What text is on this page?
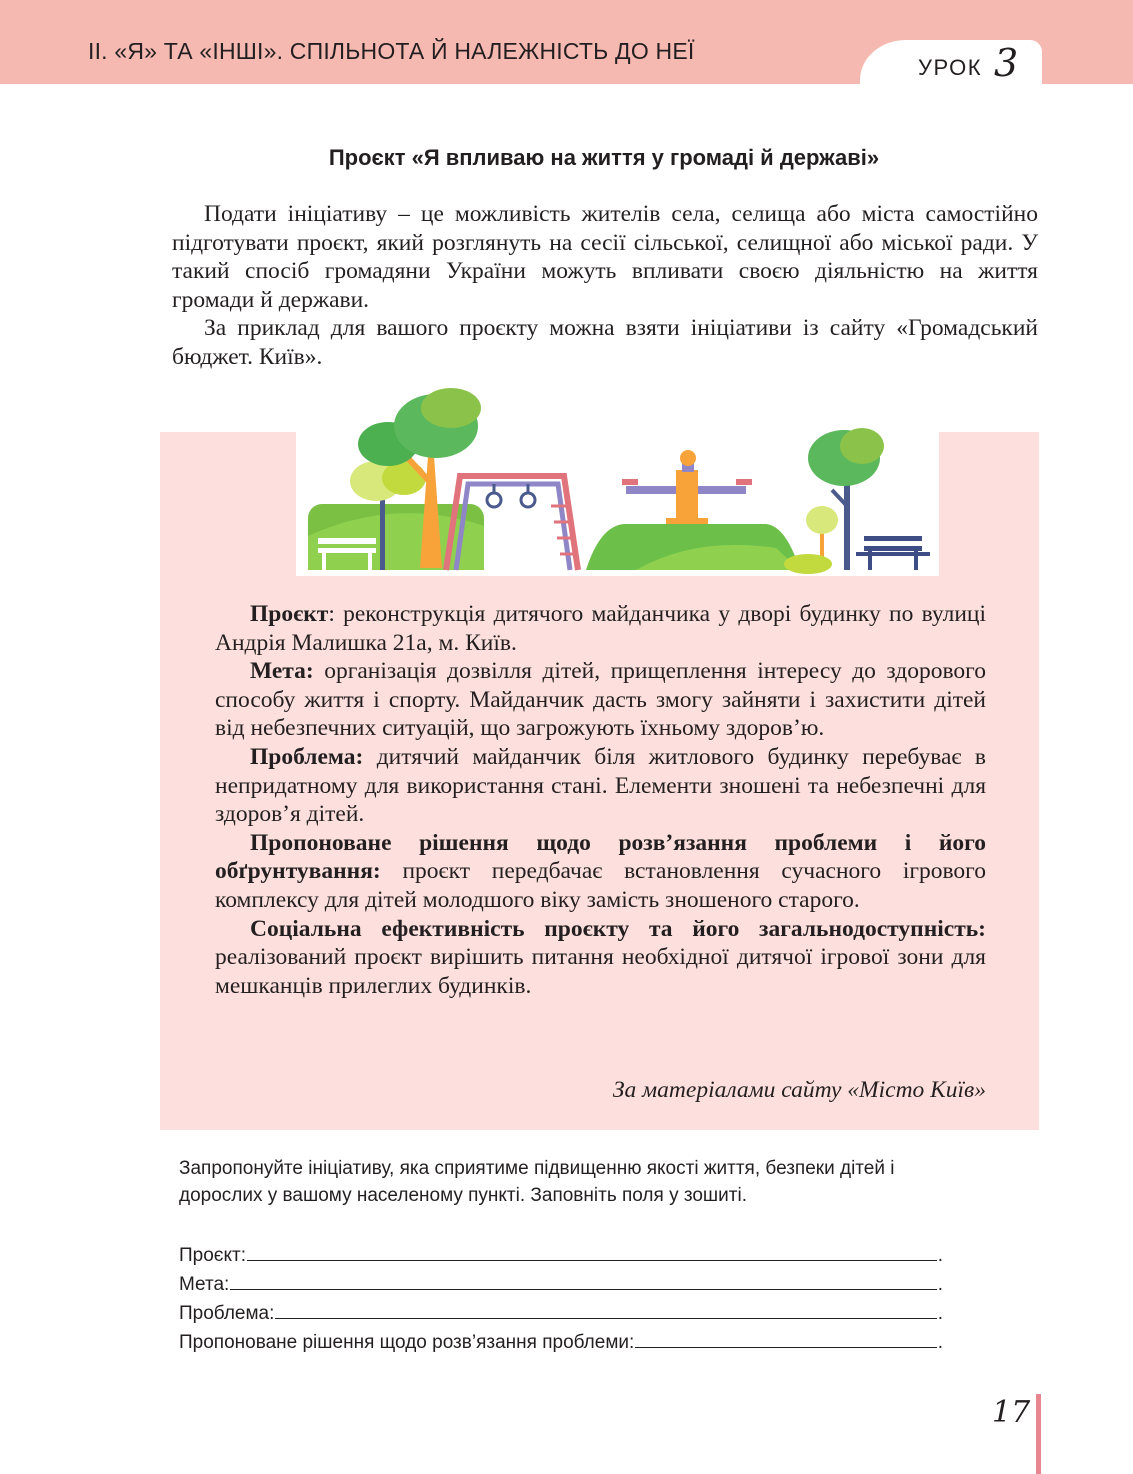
ІІ. «Я» ТА «ІНШІ». СПІЛЬНОТА Й НАЛЕЖНІСТЬ ДО НЕЇ
УРОК 3
Проєкт «Я впливаю на життя у громаді й державі»

Подати ініціативу – це можливість жителів села, селища або міста самостійно підготувати проєкт, який розглянуть на сесії сільської, селищної або міської ради. У такий спосіб громадяни України можуть впливати своєю діяльністю на життя громади й держави.

За приклад для вашого проєкту можна взяти ініціативи із сайту «Громадський бюджет. Київ».

Проєкт: реконструкція дитячого майданчика у дворі будинку по вулиці Андрія Малишка 21а, м. Київ.

Мета: організація дозвілля дітей, прищеплення інтересу до здорового способу життя і спорту. Майданчик дасть змогу зайняти і захистити дітей від небезпечних ситуацій, що загрожують їхньому здоров’ю.

Проблема: дитячий майданчик біля житлового будинку перебуває в непридатному для використання стані. Елементи зношені та небезпечні для здоров’я дітей.

Пропоноване рішення щодо розв’язання проблеми і його обґрунтування: проєкт передбачає встановлення сучасного ігрового комплексу для дітей молодшого віку замість зношеного старого.

Соціальна ефективність проєкту та його загальнодоступність: реалізований проєкт вирішить питання необхідної дитячої ігрової зони для мешканців прилеглих будинків.

За матеріалами сайту «Місто Київ»
Запропонуйте ініціативу, яка сприятиме підвищенню якості життя, безпеки дітей і дорослих у вашому населеному пункті. Заповніть поля у зошиті.
Проєкт:	.
Мета:	.
Проблема:	.
Пропоноване рішення щодо розв’язання проблеми:	.
17
